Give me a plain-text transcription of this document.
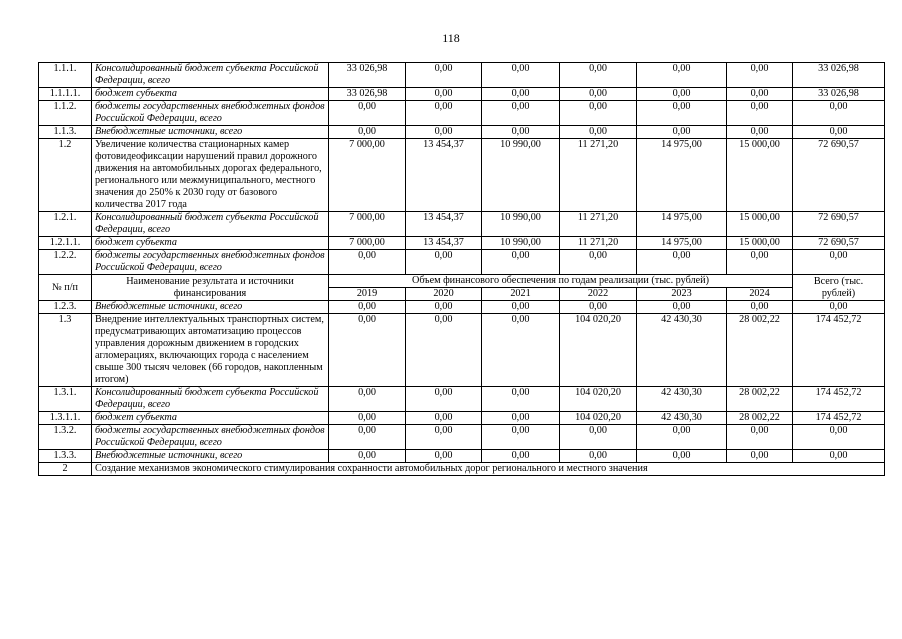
118
1.1.1.	Консолидированный бюджет субъекта Российской Федерации, всего	33 026,98	0,00	0,00	0,00	0,00	0,00	33 026,98
1.1.1.1.	бюджет субъекта	33 026,98	0,00	0,00	0,00	0,00	0,00	33 026,98
1.1.2.	бюджеты государственных внебюджетных фондов Российской Федерации, всего	0,00	0,00	0,00	0,00	0,00	0,00	0,00
1.1.3.	Внебюджетные источники, всего	0,00	0,00	0,00	0,00	0,00	0,00	0,00
1.2	Увеличение количества стационарных камер фотовидеофиксации нарушений правил дорожного движения на автомобильных дорогах федерального, регионального или межмуниципального, местного значения до 250% к 2030 году от базового количества 2017 года	7 000,00	13 454,37	10 990,00	11 271,20	14 975,00	15 000,00	72 690,57
1.2.1.	Консолидированный бюджет субъекта Российской Федерации, всего	7 000,00	13 454,37	10 990,00	11 271,20	14 975,00	15 000,00	72 690,57
1.2.1.1.	бюджет субъекта	7 000,00	13 454,37	10 990,00	11 271,20	14 975,00	15 000,00	72 690,57
1.2.2.	бюджеты государственных внебюджетных фондов Российской Федерации, всего	0,00	0,00	0,00	0,00	0,00	0,00	0,00
№ п/п	Наименование результата и источники финансирования	Объем финансового обеспечения по годам реализации (тыс. рублей)						Всего (тыс. рублей)
		2019	2020	2021	2022	2023	2024	
1.2.3.	Внебюджетные источники, всего	0,00	0,00	0,00	0,00	0,00	0,00	0,00
1.3	Внедрение интеллектуальных транспортных систем, предусматривающих автоматизацию процессов управления дорожным движением в городских агломерациях, включающих города с населением свыше 300 тысяч человек (66 городов, накопленным итогом)	0,00	0,00	0,00	104 020,20	42 430,30	28 002,22	174 452,72
1.3.1.	Консолидированный бюджет субъекта Российской Федерации, всего	0,00	0,00	0,00	104 020,20	42 430,30	28 002,22	174 452,72
1.3.1.1.	бюджет субъекта	0,00	0,00	0,00	104 020,20	42 430,30	28 002,22	174 452,72
1.3.2.	бюджеты государственных внебюджетных фондов Российской Федерации, всего	0,00	0,00	0,00	0,00	0,00	0,00	0,00
1.3.3.	Внебюджетные источники, всего	0,00	0,00	0,00	0,00	0,00	0,00	0,00
2	Создание механизмов экономического стимулирования сохранности автомобильных дорог регионального и местного значения							
